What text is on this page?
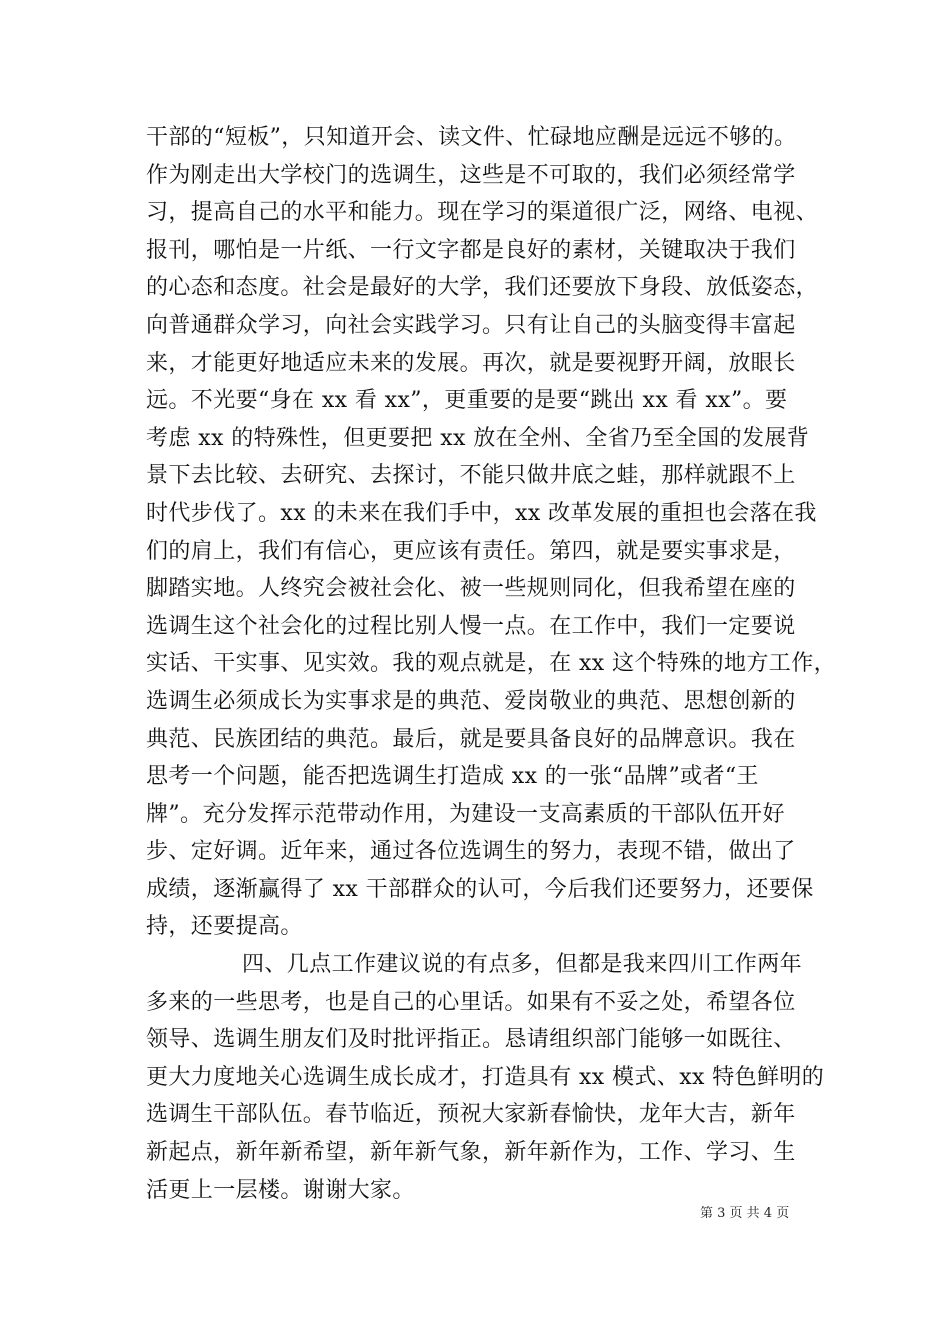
干部的“短板”，只知道开会、读文件、忙碌地应酬是远远不够的。
作为刚走出大学校门的选调生，这些是不可取的，我们必须经常学
习，提高自己的水平和能力。现在学习的渠道很广泛，网络、电视、
报刊，哪怕是一片纸、一行文字都是良好的素材，关键取决于我们
的心态和态度。社会是最好的大学，我们还要放下身段、放低姿态，
向普通群众学习，向社会实践学习。只有让自己的头脑变得丰富起
来，才能更好地适应未来的发展。再次，就是要视野开阔，放眼长
远。不光要“身在 xx 看 xx”，更重要的是要“跳出 xx 看 xx”。要
考虑 xx 的特殊性，但更要把 xx 放在全州、全省乃至全国的发展背
景下去比较、去研究、去探讨，不能只做井底之蛙，那样就跟不上
时代步伐了。xx 的未来在我们手中，xx 改革发展的重担也会落在我
们的肩上，我们有信心，更应该有责任。第四，就是要实事求是，
脚踏实地。人终究会被社会化、被一些规则同化，但我希望在座的
选调生这个社会化的过程比别人慢一点。在工作中，我们一定要说
实话、干实事、见实效。我的观点就是，在 xx 这个特殊的地方工作，
选调生必须成长为实事求是的典范、爱岗敬业的典范、思想创新的
典范、民族团结的典范。最后，就是要具备良好的品牌意识。我在
思考一个问题，能否把选调生打造成 xx 的一张“品牌”或者“王
牌”。充分发挥示范带动作用，为建设一支高素质的干部队伍开好
步、定好调。近年来，通过各位选调生的努力，表现不错，做出了
成绩，逐渐赢得了 xx 干部群众的认可，今后我们还要努力，还要保
持，还要提高。
四、几点工作建议说的有点多，但都是我来四川工作两年
多来的一些思考，也是自己的心里话。如果有不妥之处，希望各位
领导、选调生朋友们及时批评指正。恳请组织部门能够一如既往、
更大力度地关心选调生成长成才，打造具有 xx 模式、xx 特色鲜明的
选调生干部队伍。春节临近，预祝大家新春愉快，龙年大吉，新年
新起点，新年新希望，新年新气象，新年新作为，工作、学习、生
活更上一层楼。谢谢大家。
第 3 页 共 4 页
